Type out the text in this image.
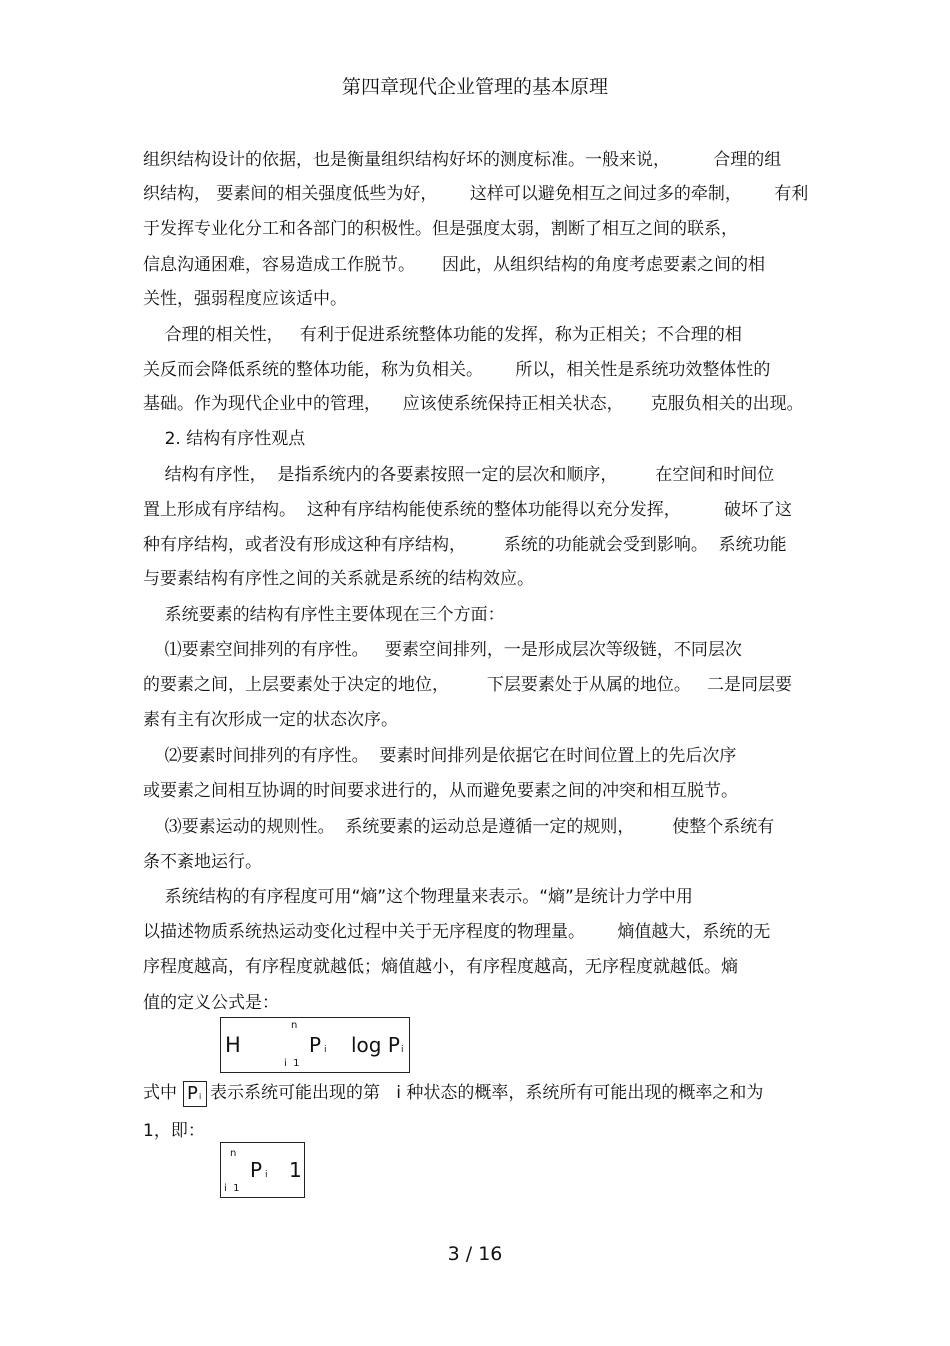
第四章现代企业管理的基本原理
组织结构设计的依据，也是衡量组织结构好坏的测度标准。一般来说，        合理的组
织结构， 要素间的相关强度低些为好，      这样可以避免相互之间过多的牵制，      有利
于发挥专业化分工和各部门的积极性。但是强度太弱，割断了相互之间的联系，
信息沟通困难，容易造成工作脱节。     因此，从组织结构的角度考虑要素之间的相
关性，强弱程度应该适中。
合理的相关性，   有利于促进系统整体功能的发挥，称为正相关；不合理的相
关反而会降低系统的整体功能，称为负相关。      所以，相关性是系统功效整体性的
基础。作为现代企业中的管理，    应该使系统保持正相关状态，     克服负相关的出现。
2. 结构有序性观点
结构有序性，  是指系统内的各要素按照一定的层次和顺序，       在空间和时间位
置上形成有序结构。  这种有序结构能使系统的整体功能得以充分发挥，        破坏了这
种有序结构，或者没有形成这种有序结构，       系统的功能就会受到影响。  系统功能
与要素结构有序性之间的关系就是系统的结构效应。
系统要素的结构有序性主要体现在三个方面：
⑴要素空间排列的有序性。   要素空间排列，一是形成层次等级链，不同层次
的要素之间，上层要素处于决定的地位，       下层要素处于从属的地位。   二是同层要
素有主有次形成一定的状态次序。
⑵要素时间排列的有序性。  要素时间排列是依据它在时间位置上的先后次序
或要素之间相互协调的时间要求进行的，从而避免要素之间的冲突和相互脱节。
⑶要素运动的规则性。  系统要素的运动总是遵循一定的规则，       使整个系统有
条不紊地运行。
系统结构的有序程度可用“熵”这个物理量来表示。“熵”是统计力学中用
以描述物质系统热运动变化过程中关于无序程度的物理量。      熵值越大，系统的无
序程度越高，有序程度就越低；熵值越小，有序程度越高，无序程度就越低。熵
值的定义公式是：
H
n
P i log P i
i  1
式中 P i 表示系统可能出现的第   i 种状态的概率，系统所有可能出现的概率之和为
1，即：
n
P i 1
i  1
3 / 16
